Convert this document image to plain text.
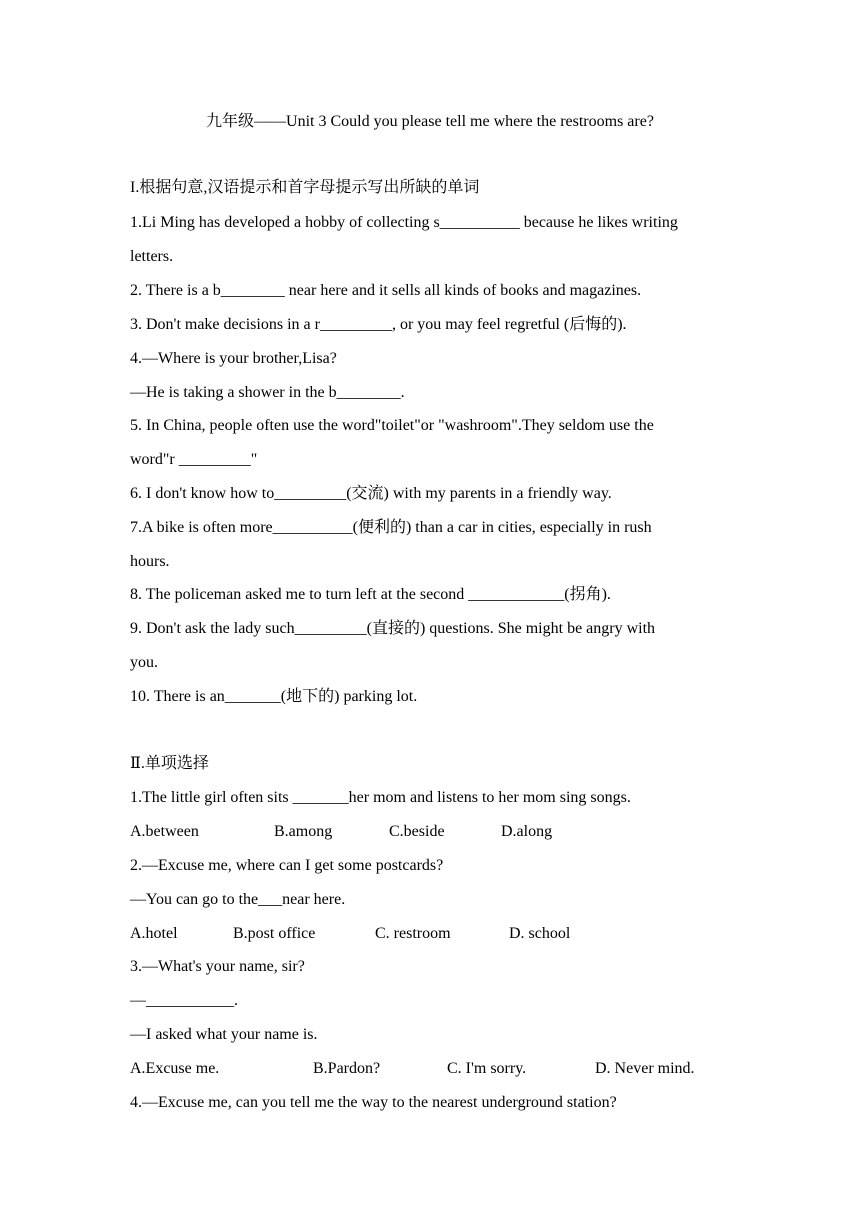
九年级——Unit 3 Could you please tell me where the restrooms are?
I.根据句意,汉语提示和首字母提示写出所缺的单词
1.Li Ming has developed a hobby of collecting s__________ because he likes writing
letters.
2. There is a b________ near here and it sells all kinds of books and magazines.
3. Don't make decisions in a r_________, or you may feel regretful (后悔的).
4.—Where is your brother,Lisa?
—He is taking a shower in the b________.
5. In China, people often use the word"toilet"or "washroom".They seldom use the
word"r _________"
6. I don't know how to_________(交流) with my parents in a friendly way.
7.A bike is often more__________(便利的) than a car in cities, especially in rush
hours.
8. The policeman asked me to turn left at the second ____________(拐角).
9. Don't ask the lady such_________(直接的) questions. She might be angry with
you.
10. There is an_______(地下的) parking lot.
Ⅱ.单项选择
1.The little girl often sits _______her mom and listens to her mom sing songs.
A.between	B.among	C.beside	D.along
2.—Excuse me, where can I get some postcards?
—You can go to the___near here.
A.hotel	B.post office	C. restroom	D. school
3.—What's your name, sir?
—___________.
—I asked what your name is.
A.Excuse me.	B.Pardon?	C. I'm sorry.	D. Never mind.
4.—Excuse me, can you tell me the way to the nearest underground station?
